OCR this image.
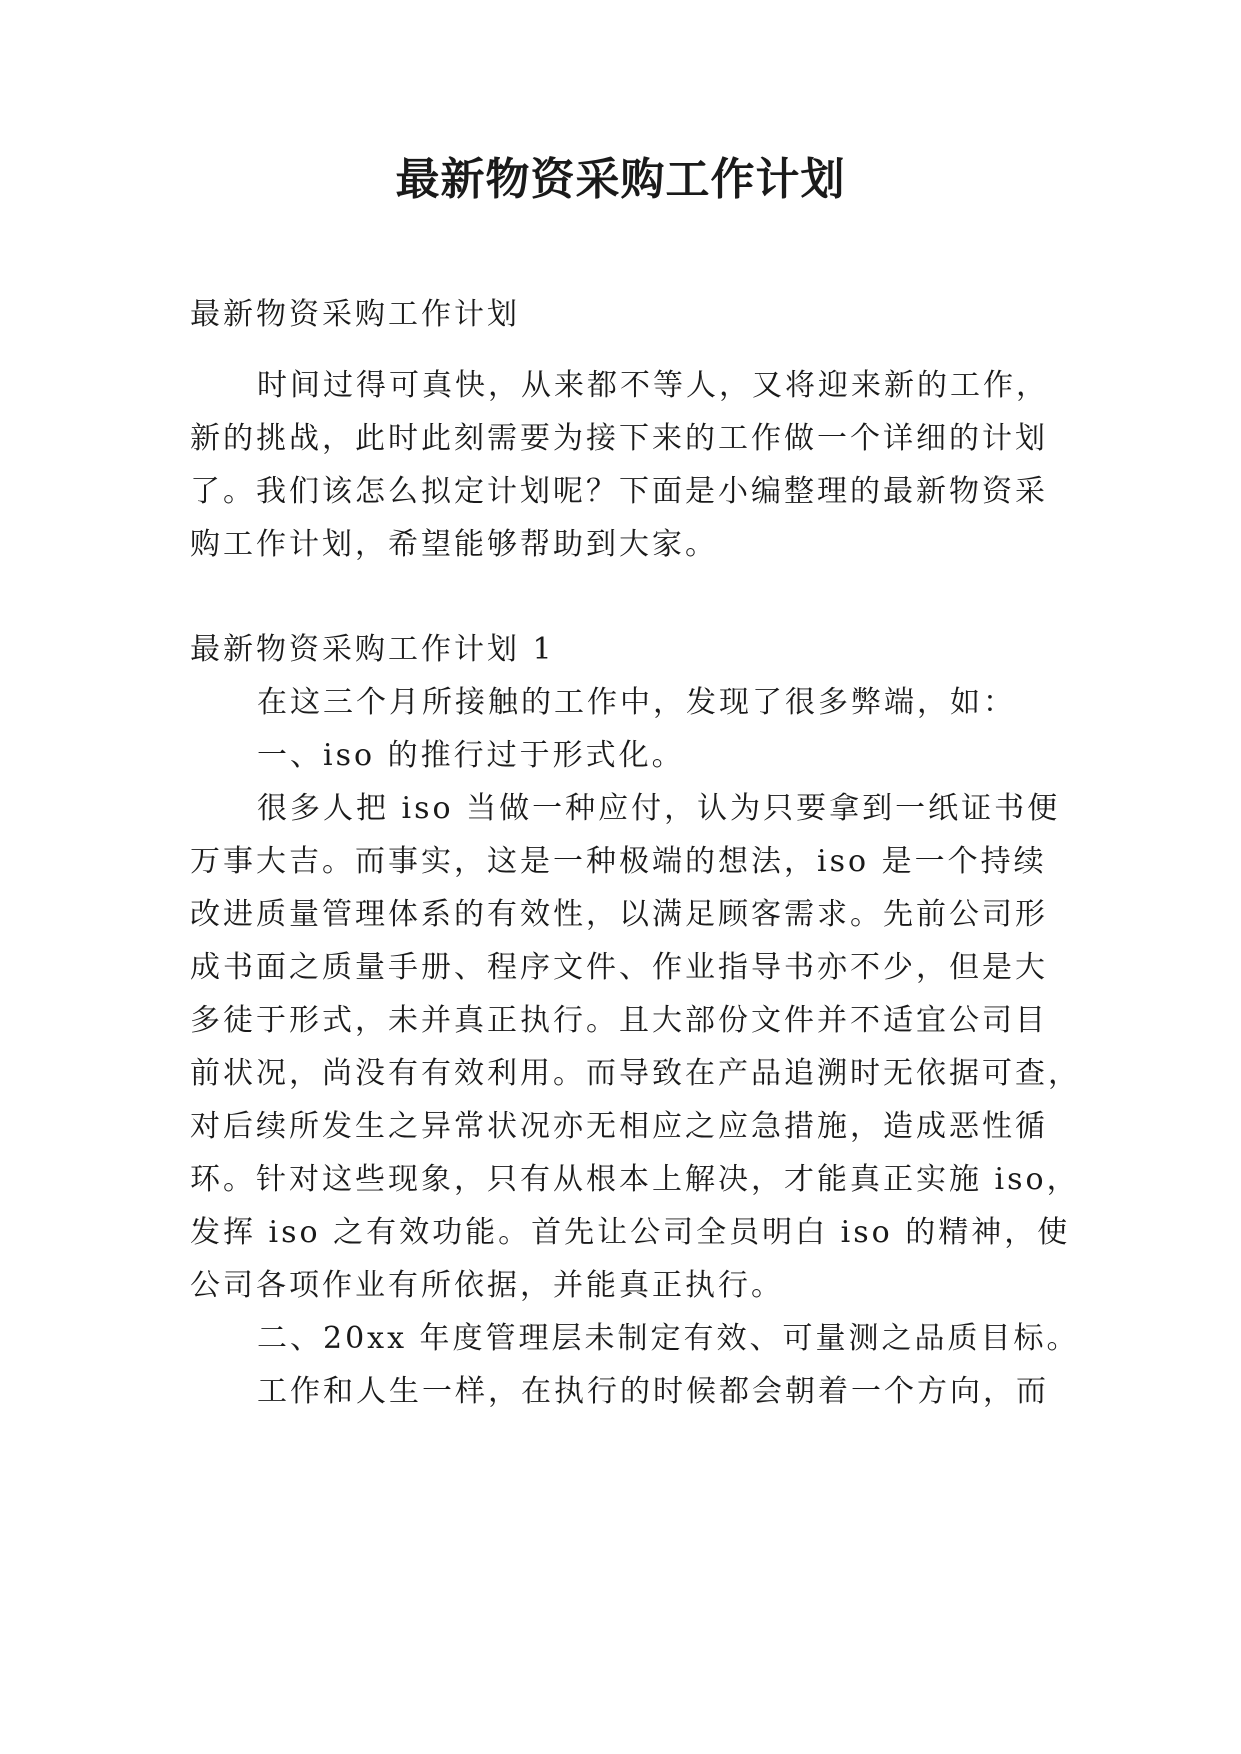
最新物资采购工作计划

最新物资采购工作计划

时间过得可真快，从来都不等人，又将迎来新的工作，

新的挑战，此时此刻需要为接下来的工作做一个详细的计划

了。我们该怎么拟定计划呢？下面是小编整理的最新物资采

购工作计划，希望能够帮助到大家。

最新物资采购工作计划 1

在这三个月所接触的工作中，发现了很多弊端，如：

一、iso 的推行过于形式化。

很多人把 iso 当做一种应付，认为只要拿到一纸证书便

万事大吉。而事实，这是一种极端的想法，iso 是一个持续

改进质量管理体系的有效性，以满足顾客需求。先前公司形

成书面之质量手册、程序文件、作业指导书亦不少，但是大

多徒于形式，未并真正执行。且大部份文件并不适宜公司目

前状况，尚没有有效利用。而导致在产品追溯时无依据可查，

对后续所发生之异常状况亦无相应之应急措施，造成恶性循

环。针对这些现象，只有从根本上解决，才能真正实施 iso，

发挥 iso 之有效功能。首先让公司全员明白 iso 的精神，使

公司各项作业有所依据，并能真正执行。

二、20xx 年度管理层未制定有效、可量测之品质目标。

工作和人生一样，在执行的时候都会朝着一个方向，而
